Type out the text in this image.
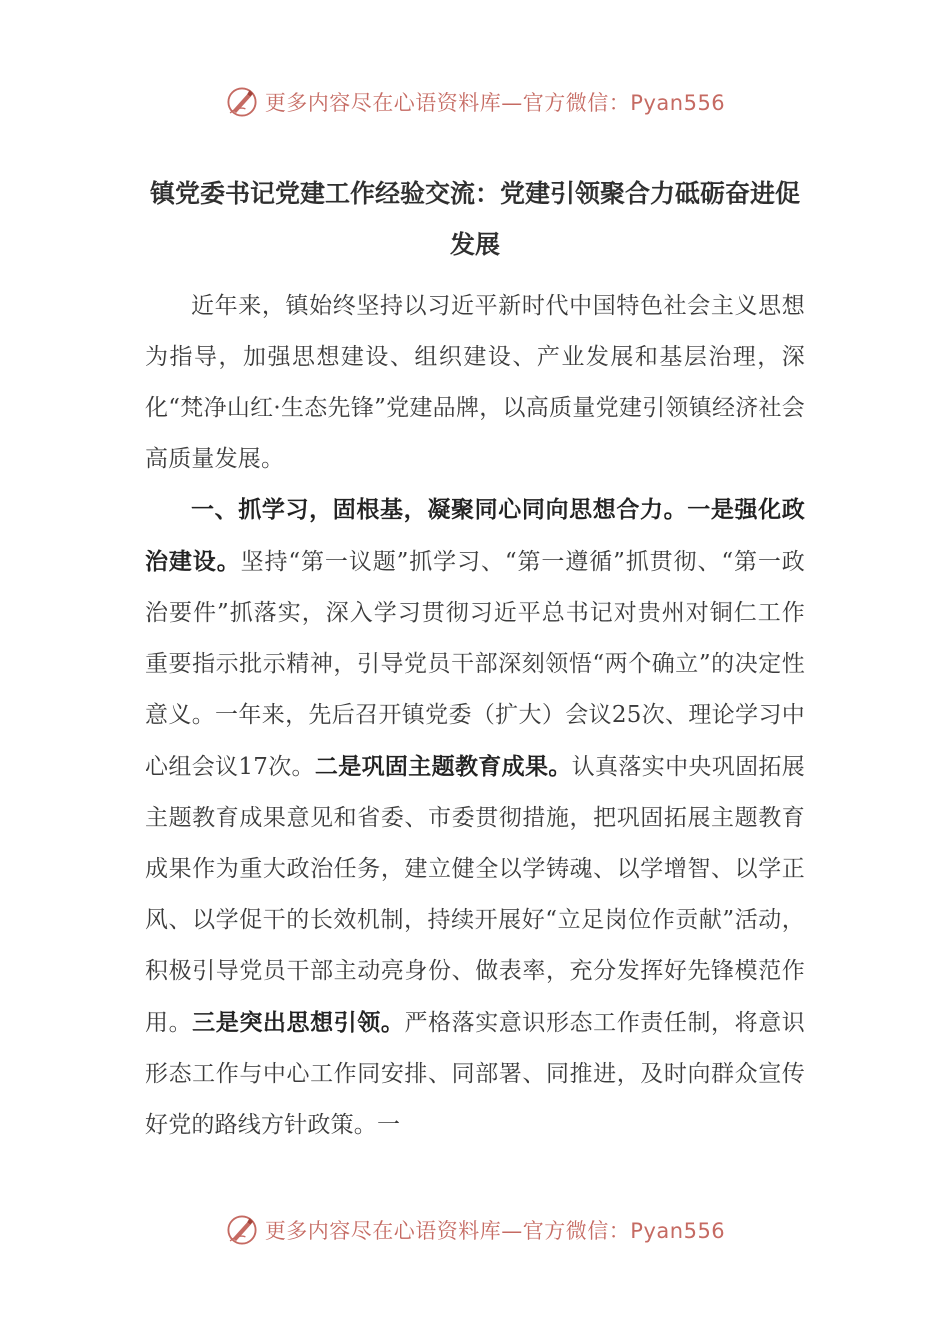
更多内容尽在心语资料库—官方微信：Pyan556
镇党委书记党建工作经验交流：党建引领聚合力砥砺奋进促发展

近年来，镇始终坚持以习近平新时代中国特色社会主义思想为指导，加强思想建设、组织建设、产业发展和基层治理，深化“梵净山红·生态先锋”党建品牌，以高质量党建引领镇经济社会高质量发展。

一、抓学习，固根基，凝聚同心同向思想合力。一是强化政治建设。坚持“第一议题”抓学习、“第一遵循”抓贯彻、“第一政治要件”抓落实，深入学习贯彻习近平总书记对贵州对铜仁工作重要指示批示精神，引导党员干部深刻领悟“两个确立”的决定性意义。一年来，先后召开镇党委（扩大）会议25次、理论学习中心组会议17次。二是巩固主题教育成果。认真落实中央巩固拓展主题教育成果意见和省委、市委贯彻措施，把巩固拓展主题教育成果作为重大政治任务，建立健全以学铸魂、以学增智、以学正风、以学促干的长效机制，持续开展好“立足岗位作贡献”活动，积极引导党员干部主动亮身份、做表率，充分发挥好先锋模范作用。三是突出思想引领。严格落实意识形态工作责任制，将意识形态工作与中心工作同安排、同部署、同推进，及时向群众宣传好党的路线方针政策。一

更多内容尽在心语资料库—官方微信：Pyan556
